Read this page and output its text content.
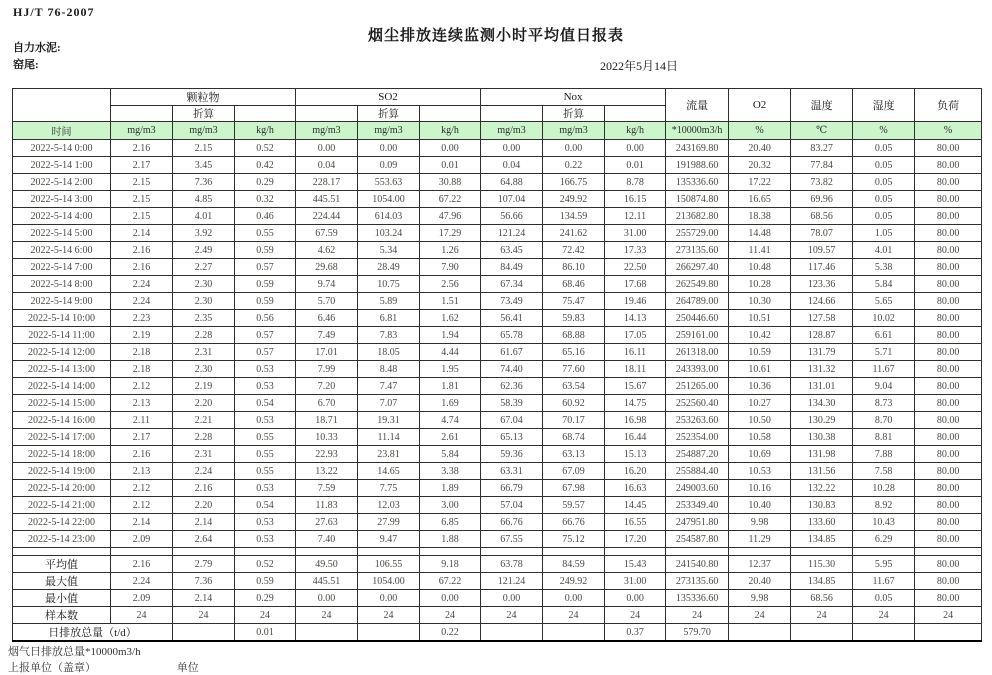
HJ/T 76-2007
烟尘排放连续监测小时平均值日报表
自力水泥:
窑尾:	2022年5月14日
	颗粒物			SO2			Nox			流量	O2	温度	湿度	负荷
		折算			折算			折算						
时间	mg/m3	mg/m3	kg/h	mg/m3	mg/m3	kg/h	mg/m3	mg/m3	kg/h	*10000m3/h	%	℃	%	%
2022-5-14 0:00	2.16	2.15	0.52	0.00	0.00	0.00	0.00	0.00	0.00	243169.80	20.40	83.27	0.05	80.00
2022-5-14 1:00	2.17	3.45	0.42	0.04	0.09	0.01	0.04	0.22	0.01	191988.60	20.32	77.84	0.05	80.00
2022-5-14 2:00	2.15	7.36	0.29	228.17	553.63	30.88	64.88	166.75	8.78	135336.60	17.22	73.82	0.05	80.00
2022-5-14 3:00	2.15	4.85	0.32	445.51	1054.00	67.22	107.04	249.92	16.15	150874.80	16.65	69.96	0.05	80.00
2022-5-14 4:00	2.15	4.01	0.46	224.44	614.03	47.96	56.66	134.59	12.11	213682.80	18.38	68.56	0.05	80.00
2022-5-14 5:00	2.14	3.92	0.55	67.59	103.24	17.29	121.24	241.62	31.00	255729.00	14.48	78.07	1.05	80.00
2022-5-14 6:00	2.16	2.49	0.59	4.62	5.34	1.26	63.45	72.42	17.33	273135.60	11.41	109.57	4.01	80.00
2022-5-14 7:00	2.16	2.27	0.57	29.68	28.49	7.90	84.49	86.10	22.50	266297.40	10.48	117.46	5.38	80.00
2022-5-14 8:00	2.24	2.30	0.59	9.74	10.75	2.56	67.34	68.46	17.68	262549.80	10.28	123.36	5.84	80.00
2022-5-14 9:00	2.24	2.30	0.59	5.70	5.89	1.51	73.49	75.47	19.46	264789.00	10.30	124.66	5.65	80.00
2022-5-14 10:00	2.23	2.35	0.56	6.46	6.81	1.62	56.41	59.83	14.13	250446.60	10.51	127.58	10.02	80.00
2022-5-14 11:00	2.19	2.28	0.57	7.49	7.83	1.94	65.78	68.88	17.05	259161.00	10.42	128.87	6.61	80.00
2022-5-14 12:00	2.18	2.31	0.57	17.01	18.05	4.44	61.67	65.16	16.11	261318.00	10.59	131.79	5.71	80.00
2022-5-14 13:00	2.18	2.30	0.53	7.99	8.48	1.95	74.40	77.60	18.11	243393.00	10.61	131.32	11.67	80.00
2022-5-14 14:00	2.12	2.19	0.53	7.20	7.47	1.81	62.36	63.54	15.67	251265.00	10.36	131.01	9.04	80.00
2022-5-14 15:00	2.13	2.20	0.54	6.70	7.07	1.69	58.39	60.92	14.75	252560.40	10.27	134.30	8.73	80.00
2022-5-14 16:00	2.11	2.21	0.53	18.71	19.31	4.74	67.04	70.17	16.98	253263.60	10.50	130.29	8.70	80.00
2022-5-14 17:00	2.17	2.28	0.55	10.33	11.14	2.61	65.13	68.74	16.44	252354.00	10.58	130.38	8.81	80.00
2022-5-14 18:00	2.16	2.31	0.55	22.93	23.81	5.84	59.36	63.13	15.13	254887.20	10.69	131.98	7.88	80.00
2022-5-14 19:00	2.13	2.24	0.55	13.22	14.65	3.38	63.31	67.09	16.20	255884.40	10.53	131.56	7.58	80.00
2022-5-14 20:00	2.12	2.16	0.53	7.59	7.75	1.89	66.79	67.98	16.63	249003.60	10.16	132.22	10.28	80.00
2022-5-14 21:00	2.12	2.20	0.54	11.83	12.03	3.00	57.04	59.57	14.45	253349.40	10.40	130.83	8.92	80.00
2022-5-14 22:00	2.14	2.14	0.53	27.63	27.99	6.85	66.76	66.76	16.55	247951.80	9.98	133.60	10.43	80.00
2022-5-14 23:00	2.09	2.64	0.53	7.40	9.47	1.88	67.55	75.12	17.20	254587.80	11.29	134.85	6.29	80.00

平均值	2.16	2.79	0.52	49.50	106.55	9.18	63.78	84.59	15.43	241540.80	12.37	115.30	5.95	80.00
最大值	2.24	7.36	0.59	445.51	1054.00	67.22	121.24	249.92	31.00	273135.60	20.40	134.85	11.67	80.00
最小值	2.09	2.14	0.29	0.00	0.00	0.00	0.00	0.00	0.00	135336.60	9.98	68.56	0.05	80.00
样本数	24	24	24	24	24	24	24	24	24	24	24	24	24	24
日排放总量（t/d）			0.01			0.22			0.37	579.70				
烟气日排放总量*10000m3/h
上报单位（盖章）	单位
